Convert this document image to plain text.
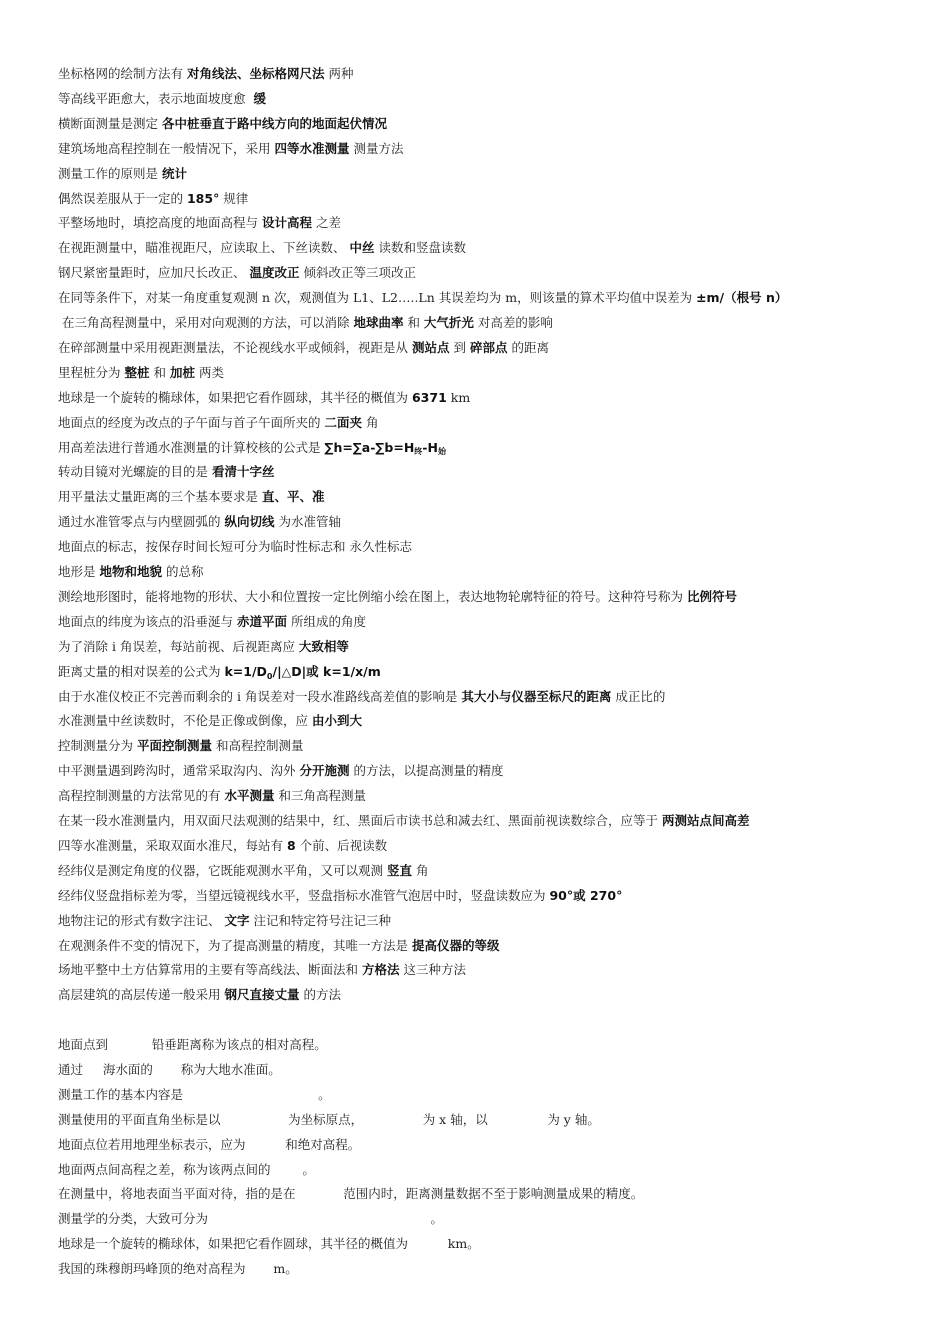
坐标格网的绘制方法有 对角线法、坐标格网尺法 两种
等高线平距愈大，表示地面坡度愈  缓
横断面测量是测定 各中桩垂直于路中线方向的地面起伏情况
建筑场地高程控制在一般情况下，采用 四等水准测量 测量方法
测量工作的原则是 统计
偶然误差服从于一定的 185° 规律
平整场地时，填挖高度的地面高程与 设计高程 之差
在视距测量中，瞄准视距尺，应读取上、下丝读数、 中丝 读数和竖盘读数
钢尺紧密量距时，应加尺长改正、 温度改正 倾斜改正等三项改正
在同等条件下，对某一角度重复观测 n 次，观测值为 L1、L2…..Ln 其误差均为 m，则该量的算术平均值中误差为 ±m/（根号 n）
在三角高程测量中，采用对向观测的方法，可以消除 地球曲率 和 大气折光 对高差的影响
在碎部测量中采用视距测量法，不论视线水平或倾斜，视距是从 测站点 到 碎部点 的距离
里程桩分为 整桩 和 加桩 两类
地球是一个旋转的椭球体，如果把它看作圆球，其半径的概值为 6371 km
地面点的经度为改点的子午面与首子午面所夹的 二面夹 角
用高差法进行普通水准测量的计算校核的公式是 $\sum h=\sum a-\sum b=H_终-H_始$
转动目镜对光螺旋的目的是 看清十字丝
用平量法丈量距离的三个基本要求是 直、平、准
通过水准管零点与内壁圆弧的 纵向切线 为水准管轴
地面点的标志，按保存时间长短可分为临时性标志和 永久性标志
地形是 地物和地貌 的总称
测绘地形图时，能将地物的形状、大小和位置按一定比例缩小绘在图上，表达地物轮廓特征的符号。这种符号称为 比例符号
地面点的纬度为该点的沿垂涎与 赤道平面 所组成的角度
为了消除 i 角误差，每站前视、后视距离应 大致相等
距离丈量的相对误差的公式为 $k=1/D_0/|\triangle D|$或 k=1/x/m
由于水准仪校正不完善而剩余的 i 角误差对一段水准路线高差值的影响是 其大小与仪器至标尺的距离 成正比的
水准测量中丝读数时，不伦是正像或倒像，应 由小到大
控制测量分为 平面控制测量 和高程控制测量
中平测量遇到跨沟时，通常采取沟内、沟外 分开施测 的方法，以提高测量的精度
高程控制测量的方法常见的有 水平测量 和三角高程测量
在某一段水准测量内，用双面尺法观测的结果中，红、黑面后市读书总和减去红、黑面前视读数综合，应等于 两测站点间高差
四等水准测量，采取双面水准尺，每站有 8 个前、后视读数
经纬仪是测定角度的仪器，它既能观测水平角，又可以观测 竖直 角
经纬仪竖盘指标差为零，当望远镜视线水平，竖盘指标水准管气泡居中时，竖盘读数应为 90°或 270°
地物注记的形式有数字注记、 文字 注记和特定符号注记三种
在观测条件不变的情况下，为了提高测量的精度，其唯一方法是 提高仪器的等级
场地平整中土方估算常用的主要有等高线法、断面法和 方格法 这三种方法
高层建筑的高层传递一般采用 钢尺直接丈量 的方法
地面点到	铅垂距离称为该点的相对高程。
通过 海水面的 称为大地水准面。
测量工作的基本内容是	。
测量使用的平面直角坐标是以	为坐标原点，	为 x 轴，以	为 y 轴。
地面点位若用地理坐标表示，应为	和绝对高程。
地面两点间高程之差，称为该两点间的	。
在测量中，将地表面当平面对待，指的是在	范围内时，距离测量数据不至于影响测量成果的精度。
测量学的分类，大致可分为	。
地球是一个旋转的椭球体，如果把它看作圆球，其半径的概值为	km。
我国的珠穆朗玛峰顶的绝对高程为 m。
